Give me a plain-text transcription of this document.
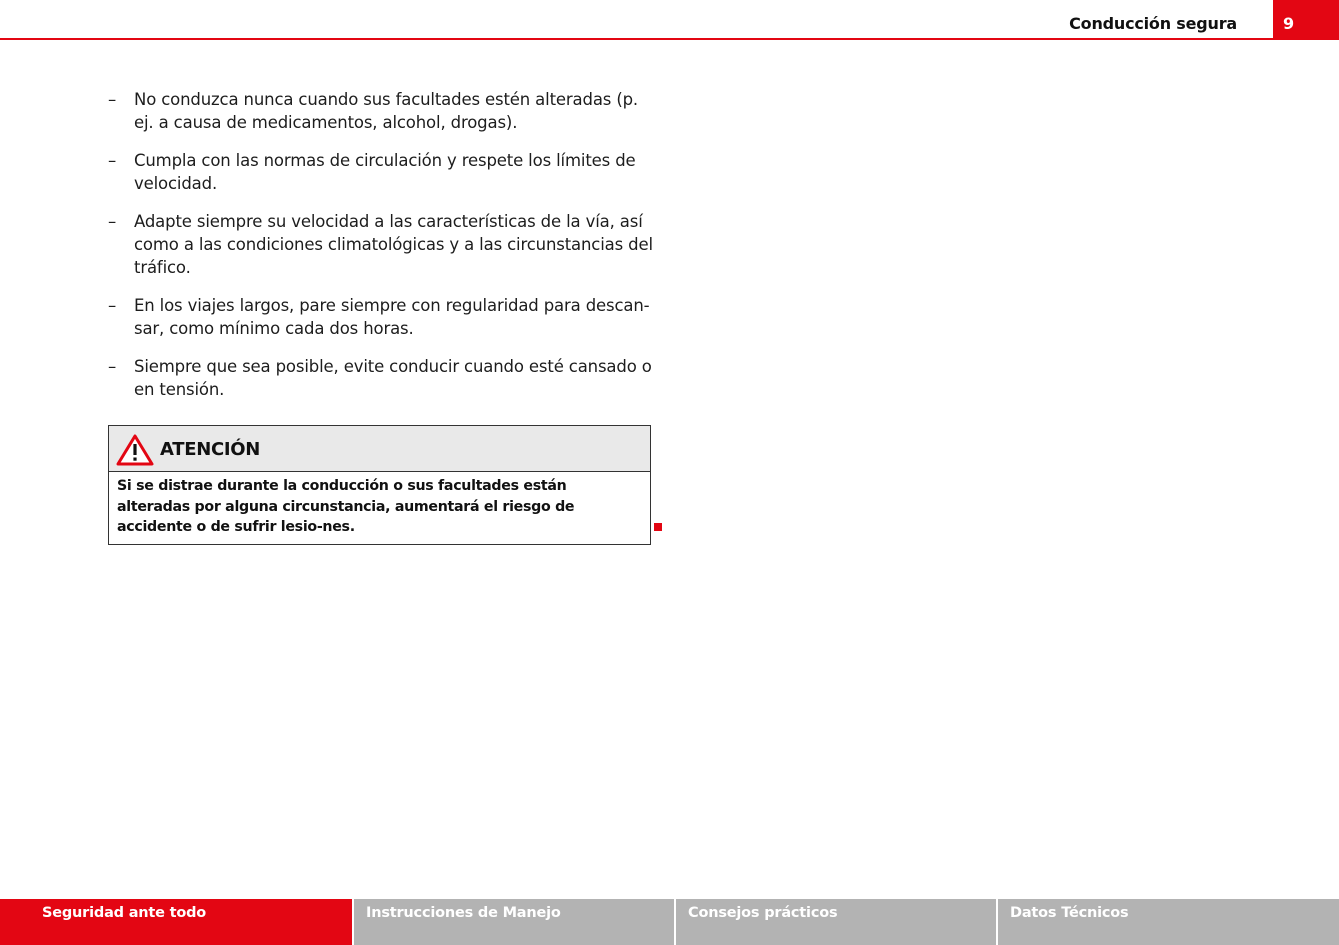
Conducción segura	9
– No conduzca nunca cuando sus facultades estén alteradas (p. ej. a causa de medicamentos, alcohol, drogas).
– Cumpla con las normas de circulación y respete los límites de velocidad.
– Adapte siempre su velocidad a las características de la vía, así como a las condiciones climatológicas y a las circunstancias del tráfico.
– En los viajes largos, pare siempre con regularidad para descan-sar, como mínimo cada dos horas.
– Siempre que sea posible, evite conducir cuando esté cansado o en tensión.
ATENCIÓN
Si se distrae durante la conducción o sus facultades están alteradas por alguna circunstancia, aumentará el riesgo de accidente o de sufrir lesio-nes.
Seguridad ante todo	Instrucciones de Manejo	Consejos prácticos	Datos Técnicos
